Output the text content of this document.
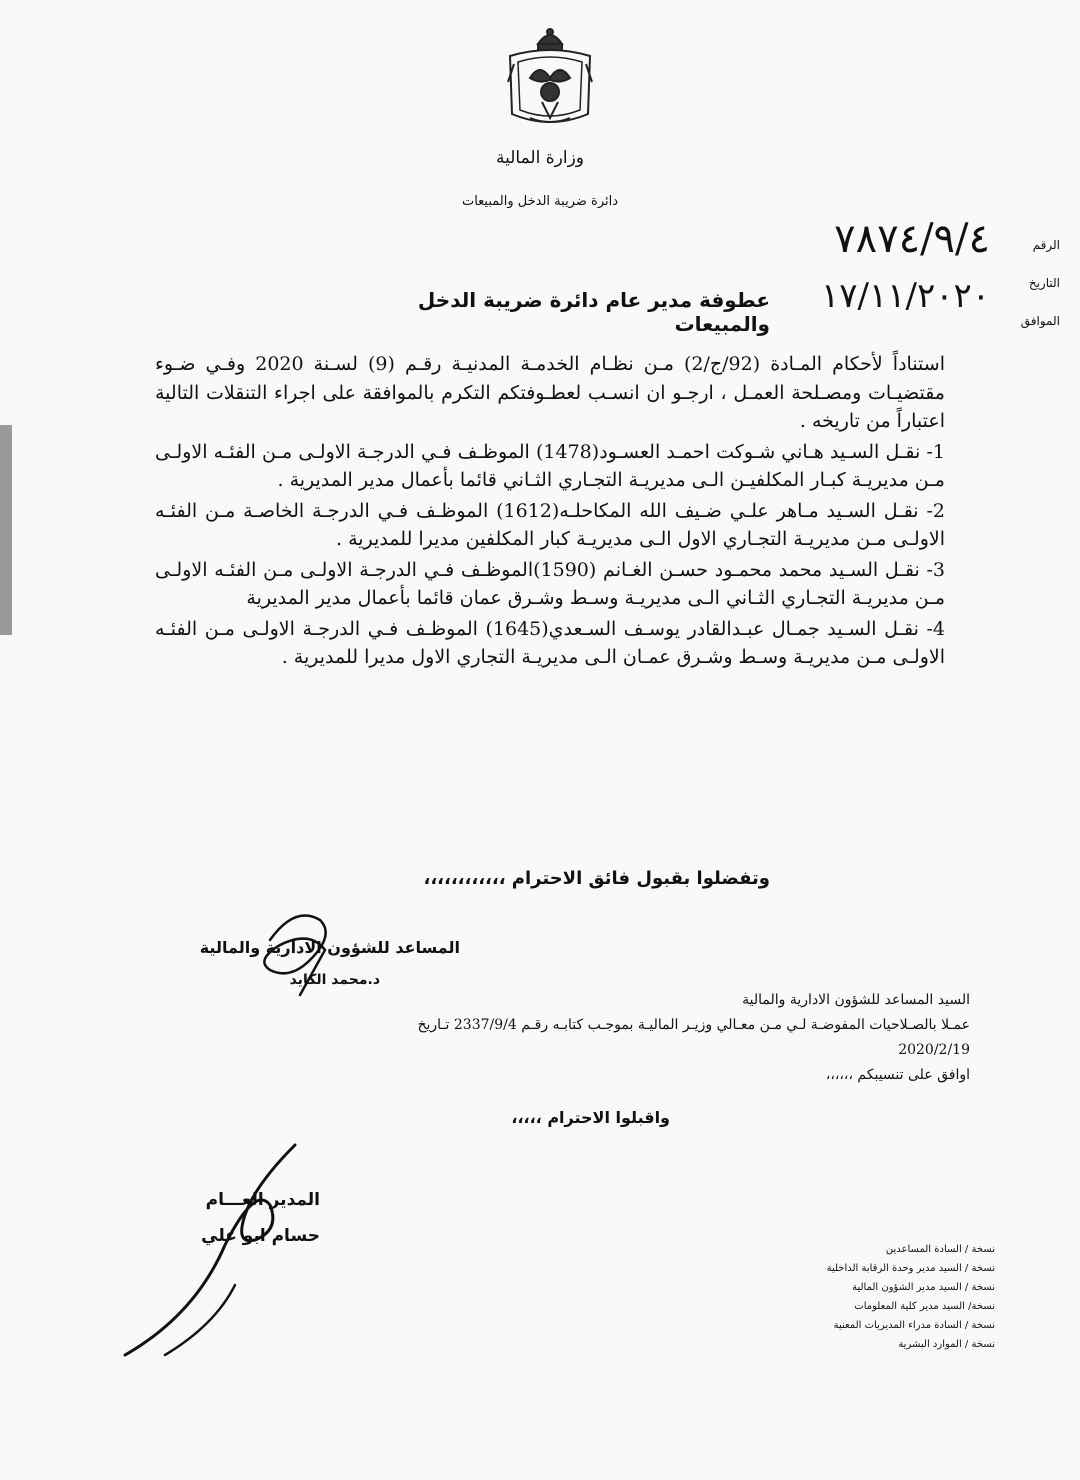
وزارة المالية
دائرة ضريبة الدخل والمبيعات
الرقم
التاريخ
الموافق
٧٨٧٤/٩/٤
١٧/١١/٢٠٢٠
عطوفة مدير عام دائرة ضريبة الدخل والمبيعات

استناداً لأحكام المـادة (92/ج/2) مـن نظـام الخدمـة المدنيـة رقـم (9) لسـنة 2020 وفـي ضـوء مقتضيـات ومصـلحة العمـل ، ارجـو ان انسـب لعطـوفتكم التكرم بالموافقة على اجراء التنقلات التالية اعتباراً من تاريخه .

1- نقـل السـيد هـاني شـوكت احمـد العسـود(1478) الموظـف فـي الدرجـة الاولـى مـن الفئـه الاولـى مـن مديريـة كبـار المكلفيـن الـى مديريـة التجـاري الثـاني قائما بأعمال مدير المديرية .

2- نقـل السـيد مـاهر علـي ضـيف الله المكاحلـه(1612) الموظـف فـي الدرجـة الخاصـة مـن الفئـه الاولـى مـن مديريـة التجـاري الاول الـى مديريـة كبار المكلفين مديرا للمديرية .

3- نقـل السـيد محمد محمـود حسـن الغـانم (1590)الموظـف فـي الدرجـة الاولـى مـن الفئـه الاولـى مـن مديريـة التجـاري الثـاني الـى مديريـة وسـط وشـرق عمان قائما بأعمال مدير المديرية

4- نقـل السـيد جمـال عبـدالقادر يوسـف السـعدي(1645) الموظـف فـي الدرجـة الاولـى مـن الفئـه الاولـى مـن مديريـة وسـط وشـرق عمـان الـى مديريـة التجاري الاول مديرا للمديرية .

وتفضلوا بقبول فائق الاحترام ،،،،،،،،،،،،
المساعد للشؤون الادارية والمالية
د.محمد الكايد

السيد المساعد للشؤون الادارية والمالية

عمـلا بالصـلاحيات المفوضـة لـي مـن معـالي وزيـر الماليـة بموجـب كتابـه رقـم 2337/9/4 تـاريخ

2020/2/19

اوافق على تنسيبكم ،،،،،،

واقبلوا الاحترام ،،،،،
المدير العـــام
حسام ابو علي
نسخة / السادة المساعدين
نسخة / السيد مدير وحدة الرقابة الداخلية
نسخة / السيد مدير الشؤون المالية
نسخة/ السيد مدير كلية المعلومات
نسخة / السادة مدراء المديريات المعنية
نسخة / الموارد البشرية
